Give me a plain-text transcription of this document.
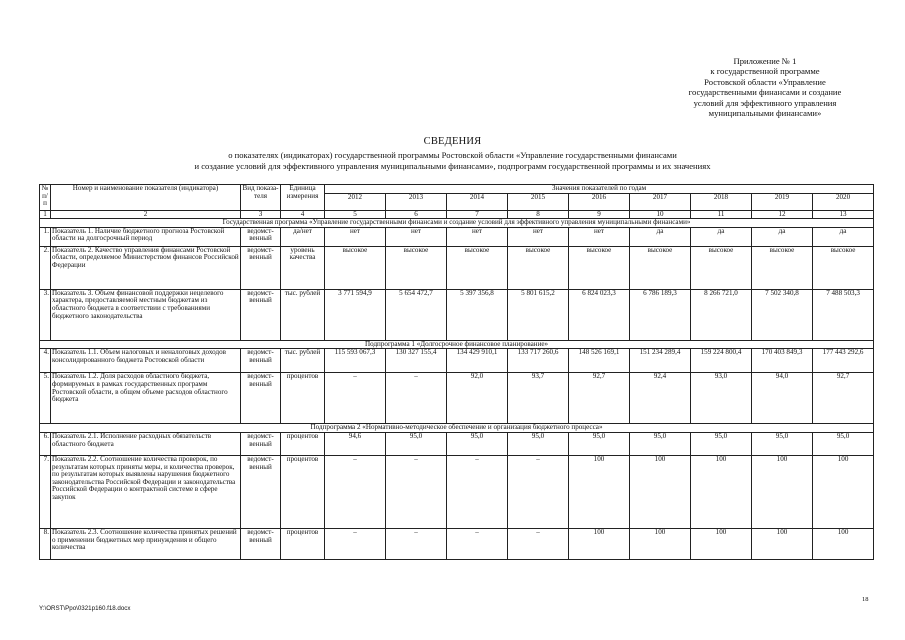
Приложение № 1
к государственной программе
Ростовской области «Управление
государственными финансами и создание
условий для эффективного управления
муниципальными финансами»
СВЕДЕНИЯ
о показателях (индикаторах) государственной программы Ростовской области «Управление государственными финансами
и создание условий для эффективного управления муниципальными финансами», подпрограмм государственной программы и их значениях
№ п/п	Номер и наименование показателя (индикатора)	Вид показа-теля	Единица измерения	Значения показателей по годам								
				2012	2013	2014	2015	2016	2017	2018	2019	2020
1	2	3	4	5	6	7	8	9	10	11	12	13
Государственная программа «Управление государственными финансами и создание условий для эффективного управления муниципальными финансами»												
1.	Показатель 1. Наличие бюджетного прогноза Ростовской области на долгосрочный период	ведомст-венный	да/нет	нет	нет	нет	нет	нет	да	да	да	да
2.	Показатель 2. Качество управления финансами Ростовской области, определяемое Министерством финансов Российской Федерации	ведомст-венный	уровень качества	высокое	высокое	высокое	высокое	высокое	высокое	высокое	высокое	высокое
3.	Показатель 3. Объем финансовой поддержки нецелевого характера, предоставляемой местным бюджетам из областного бюджета в соответствии с требованиями бюджетного законодательства	ведомст-венный	тыс. рублей	3 771 594,9	5 654 472,7	5 397 356,8	5 801 615,2	6 824 023,3	6 786 189,3	8 266 721,0	7 502 340,8	7 488 503,3
Подпрограмма 1 «Долгосрочное финансовое планирование»												
4.	Показатель 1.1. Объем налоговых и неналоговых доходов консолидированного бюджета Ростовской области	ведомст-венный	тыс. рублей	115 593 067,3	130 327 155,4	134 429 910,1	133 717 260,6	148 526 169,1	151 234 289,4	159 224 800,4	170 403 849,3	177 443 292,6
5.	Показатель 1.2. Доля расходов областного бюджета, формируемых в рамках государственных программ Ростовской области, в общем объеме расходов областного бюджета	ведомст-венный	процентов	–	–	92,0	93,7	92,7	92,4	93,0	94,0	92,7
Подпрограмма 2 «Нормативно-методическое обеспечение и организация бюджетного процесса»												
6.	Показатель 2.1. Исполнение расходных обязательств областного бюджета	ведомст-венный	процентов	94,6	95,0	95,0	95,0	95,0	95,0	95,0	95,0	95,0
7.	Показатель 2.2. Соотношение количества проверок, по результатам которых приняты меры, и количества проверок, по результатам которых выявлены нарушения бюджетного законодательства Российской Федерации и законодательства Российской Федерации о контрактной системе в сфере закупок	ведомст-венный	процентов	–	–	–	–	100	100	100	100	100
8.	Показатель 2.3. Соотношение количества принятых решений о применении бюджетных мер принуждения и общего количества	ведомст-венный	процентов	–	–	–	–	100	100	100	100	100
Y:\ORST\Ppo\0321p160.f18.docx
18
